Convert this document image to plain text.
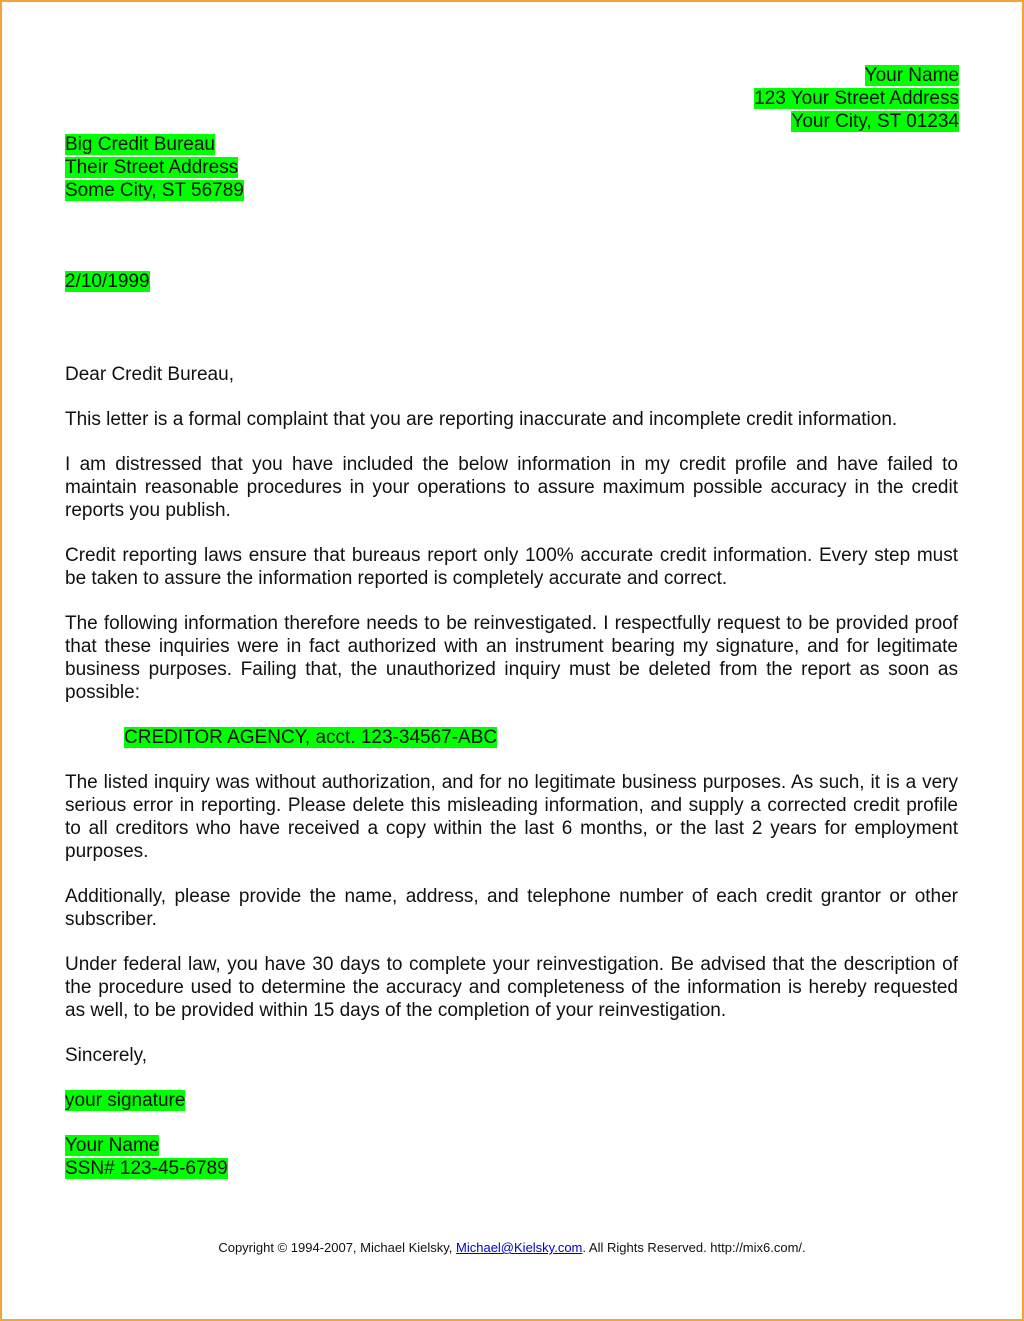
Your Name
123 Your Street Address
Your City, ST 01234
Big Credit Bureau
Their Street Address
Some City, ST 56789
2/10/1999

Dear Credit Bureau,

This letter is a formal complaint that you are reporting inaccurate and incomplete credit information.

I am distressed that you have included the below information in my credit profile and have failed to maintain reasonable procedures in your operations to assure maximum possible accuracy in the credit reports you publish.

Credit reporting laws ensure that bureaus report only 100% accurate credit information. Every step must be taken to assure the information reported is completely accurate and correct.

The following information therefore needs to be reinvestigated. I respectfully request to be provided proof that these inquiries were in fact authorized with an instrument bearing my signature, and for legitimate business purposes. Failing that, the unauthorized inquiry must be deleted from the report as soon as possible:

CREDITOR AGENCY, acct. 123-34567-ABC

The listed inquiry was without authorization, and for no legitimate business purposes. As such, it is a very serious error in reporting. Please delete this misleading information, and supply a corrected credit profile to all creditors who have received a copy within the last 6 months, or the last 2 years for employment purposes.

Additionally, please provide the name, address, and telephone number of each credit grantor or other subscriber.

Under federal law, you have 30 days to complete your reinvestigation. Be advised that the description of the procedure used to determine the accuracy and completeness of the information is hereby requested as well, to be provided within 15 days of the completion of your reinvestigation.

Sincerely,

your signature

Your Name
SSN# 123-45-6789
Copyright © 1994-2007, Michael Kielsky, Michael@Kielsky.com. All Rights Reserved. http://mix6.com/.
